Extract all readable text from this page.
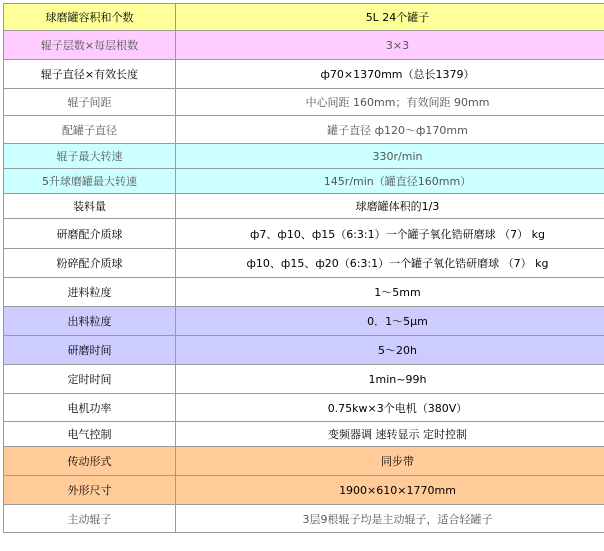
球磨罐容积和个数	5L 24个罐子
辊子层数×每层根数	3×3
辊子直径×有效长度	ф70×1370mm（总长1379）
辊子间距	中心间距 160mm；有效间距 90mm
配罐子直径	罐子直径 ф120～ф170mm
辊子最大转速	330r/min
5升球磨罐最大转速	145r/min（罐直径160mm）
装料量	球磨罐体积的1/3
研磨配介质球	ф7、ф10、ф15（6:3:1）一个罐子氧化锆研磨球 （7） kg
粉碎配介质球	ф10、ф15、ф20（6:3:1）一个罐子氧化锆研磨球 （7） kg
进料粒度	1～5mm
出料粒度	0．1～5μm
研磨时间	5～20h
定时时间	1min~99h
电机功率	0.75kw×3个电机（380V）
电气控制	变频器调 速转显示 定时控制
传动形式	同步带
外形尺寸	1900×610×1770mm
主动辊子	3层9根辊子均是主动辊子，适合轻罐子
